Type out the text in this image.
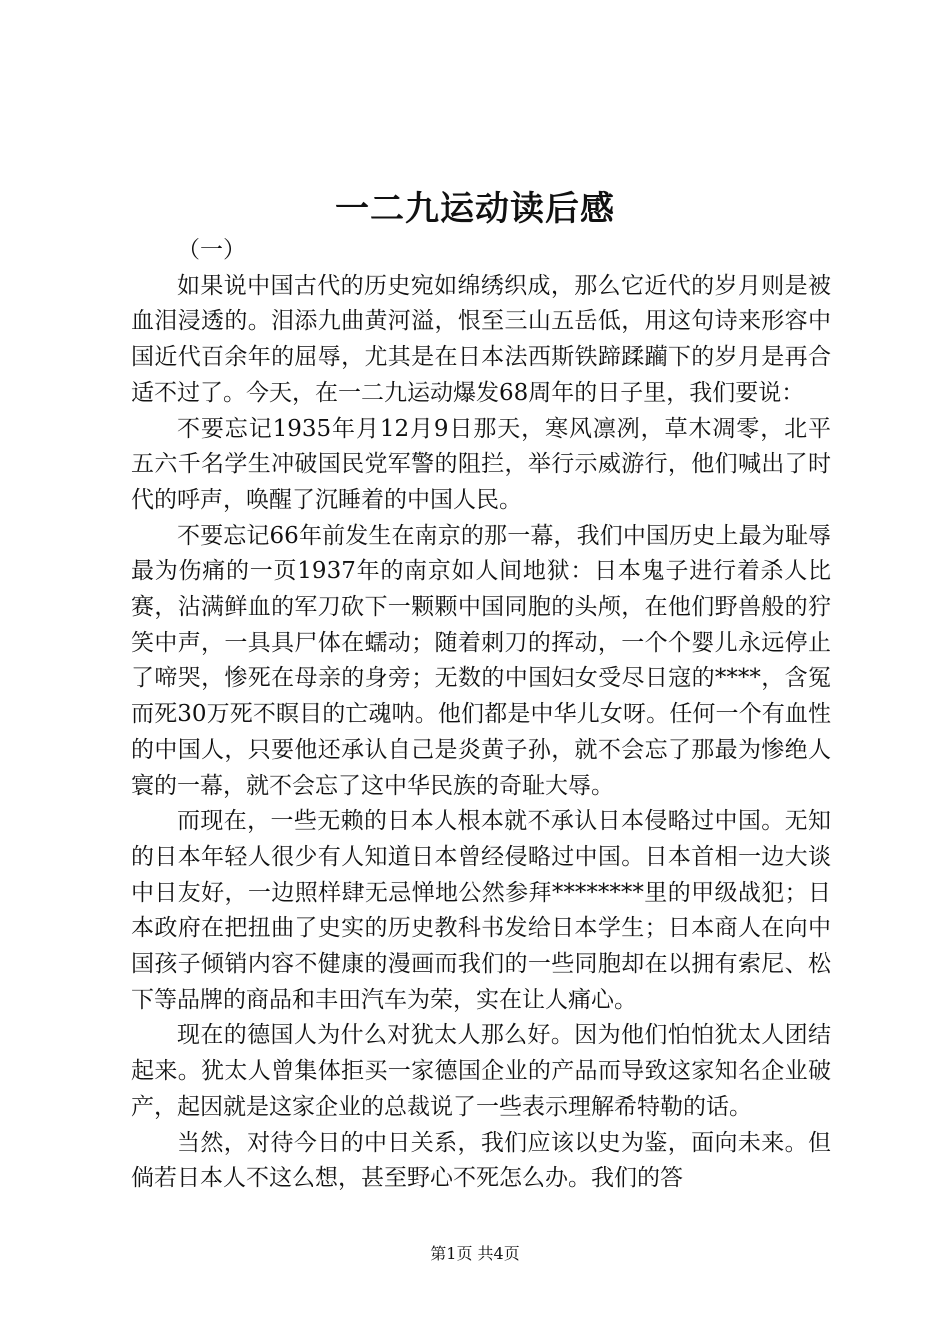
一二九运动读后感

（一）

如果说中国古代的历史宛如绵绣织成，那么它近代的岁月则是被血泪浸透的。泪添九曲黄河溢，恨至三山五岳低，用这句诗来形容中国近代百余年的屈辱，尤其是在日本法西斯铁蹄蹂躏下的岁月是再合适不过了。今天，在一二九运动爆发68周年的日子里，我们要说：

不要忘记1935年月12月9日那天，寒风凛冽，草木凋零，北平五六千名学生冲破国民党军警的阻拦，举行示威游行，他们喊出了时代的呼声，唤醒了沉睡着的中国人民。

不要忘记66年前发生在南京的那一幕，我们中国历史上最为耻辱最为伤痛的一页1937年的南京如人间地狱：日本鬼子进行着杀人比赛，沾满鲜血的军刀砍下一颗颗中国同胞的头颅，在他们野兽般的狞笑中声，一具具尸体在蠕动；随着刺刀的挥动，一个个婴儿永远停止了啼哭，惨死在母亲的身旁；无数的中国妇女受尽日寇的****，含冤而死30万死不瞑目的亡魂呐。他们都是中华儿女呀。任何一个有血性的中国人，只要他还承认自己是炎黄子孙，就不会忘了那最为惨绝人寰的一幕，就不会忘了这中华民族的奇耻大辱。

而现在，一些无赖的日本人根本就不承认日本侵略过中国。无知的日本年轻人很少有人知道日本曾经侵略过中国。日本首相一边大谈中日友好，一边照样肆无忌惮地公然参拜********里的甲级战犯；日本政府在把扭曲了史实的历史教科书发给日本学生；日本商人在向中国孩子倾销内容不健康的漫画而我们的一些同胞却在以拥有索尼、松下等品牌的商品和丰田汽车为荣，实在让人痛心。

现在的德国人为什么对犹太人那么好。因为他们怕怕犹太人团结起来。犹太人曾集体拒买一家德国企业的产品而导致这家知名企业破产，起因就是这家企业的总裁说了一些表示理解希特勒的话。

当然，对待今日的中日关系，我们应该以史为鉴，面向未来。但倘若日本人不这么想，甚至野心不死怎么办。我们的答

第1页 共4页
